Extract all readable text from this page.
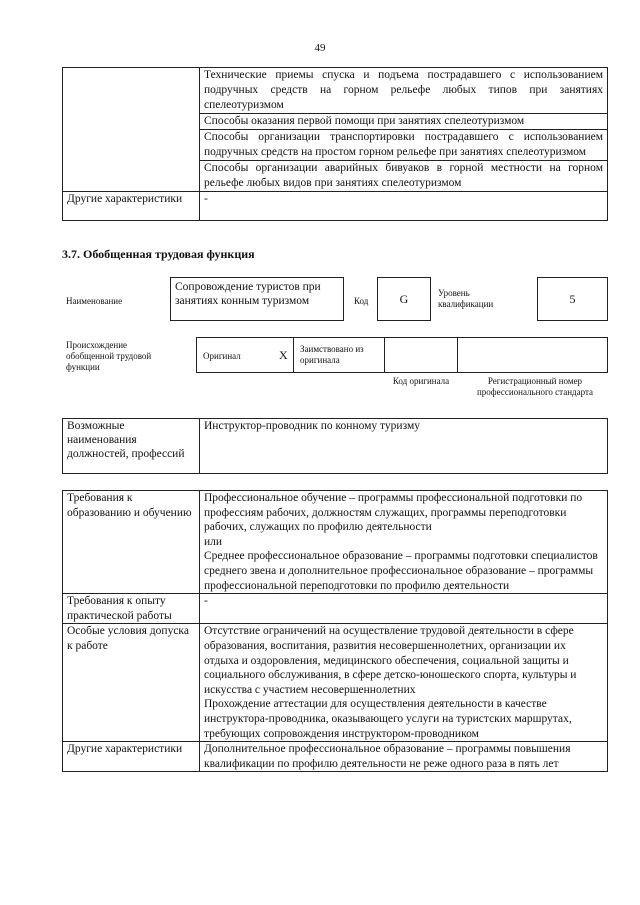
49
	Технические приемы спуска и подъема пострадавшего с использованием подручных средств на горном рельефе любых типов при занятиях спелеотуризмом
	Способы оказания первой помощи при занятиях спелеотуризмом
	Способы организации транспортировки пострадавшего с использованием подручных средств на простом горном рельефе при занятиях спелеотуризмом
	Способы организации аварийных бивуаков в горной местности на горном рельефе любых видов при занятиях спелеотуризмом
Другие характеристики	-
3.7. Обобщенная трудовая функция
Наименование
Сопровождение туристов при занятиях конным туризмом	Код	G	Уровень квалификации	5
Происхождение обобщенной трудовой функции
Оригинал	X Заимствовано из оригинала
Код оригинала	Регистрационный номер профессионального стандарта
Возможные наименования должностей, профессий	Инструктор-проводник по конному туризму
Требования к образованию и обучению	Профессиональное обучение – программы профессиональной подготовки по профессиям рабочих, должностям служащих, программы переподготовки рабочих, служащих по профилю деятельности
или
Среднее профессиональное образование – программы подготовки специалистов среднего звена и дополнительное профессиональное образование – программы профессиональной переподготовки по профилю деятельности

Требования к опыту практической работы	-
Особые условия допуска к работе	Отсутствие ограничений на осуществление трудовой деятельности в сфере образования, воспитания, развития несовершеннолетних, организации их отдыха и оздоровления, медицинского обеспечения, социальной защиты и социального обслуживания, в сфере детско-юношеского спорта, культуры и искусства с участием несовершеннолетних
Прохождение аттестации для осуществления деятельности в качестве инструктора-проводника, оказывающего услуги на туристских маршрутах, требующих сопровождения инструктором-проводником

Другие характеристики	Дополнительное профессиональное образование – программы повышения квалификации по профилю деятельности не реже одного раза в пять лет
